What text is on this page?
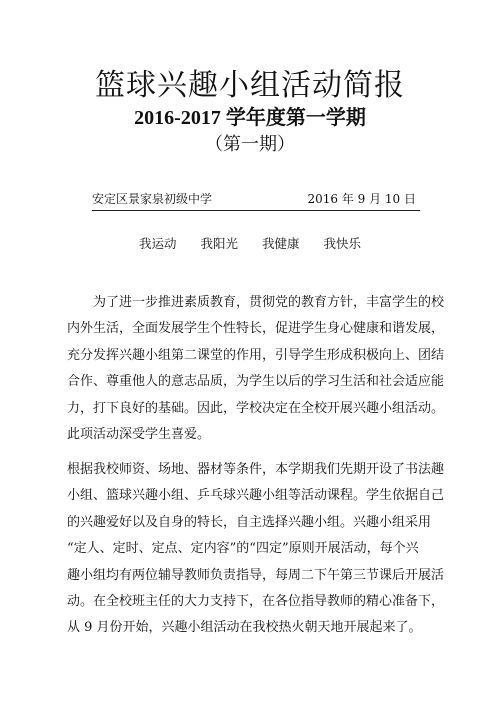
篮球兴趣小组活动简报
2016-2017 学年度第一学期
（第一期）
安定区景家泉初级中学	2016 年 9 月 10 日
我运动 我阳光 我健康 我快乐
为了进一步推进素质教育，贯彻党的教育方针，丰富学生的校
内外生活，全面发展学生个性特长，促进学生身心健康和谐发展，
充分发挥兴趣小组第二课堂的作用，引导学生形成积极向上、团结
合作、尊重他人的意志品质，为学生以后的学习生活和社会适应能
力，打下良好的基础。因此，学校决定在全校开展兴趣小组活动。
此项活动深受学生喜爱。
根据我校师资、场地、器材等条件，本学期我们先期开设了书法趣
小组、篮球兴趣小组、乒乓球兴趣小组等活动课程。学生依据自己
的兴趣爱好以及自身的特长，自主选择兴趣小组。兴趣小组采用
“定人、定时、定点、定内容”的“四定”原则开展活动，每个兴
趣小组均有两位辅导教师负责指导，每周二下午第三节课后开展活
动。在全校班主任的大力支持下，在各位指导教师的精心准备下，
从 9 月份开始，兴趣小组活动在我校热火朝天地开展起来了。
